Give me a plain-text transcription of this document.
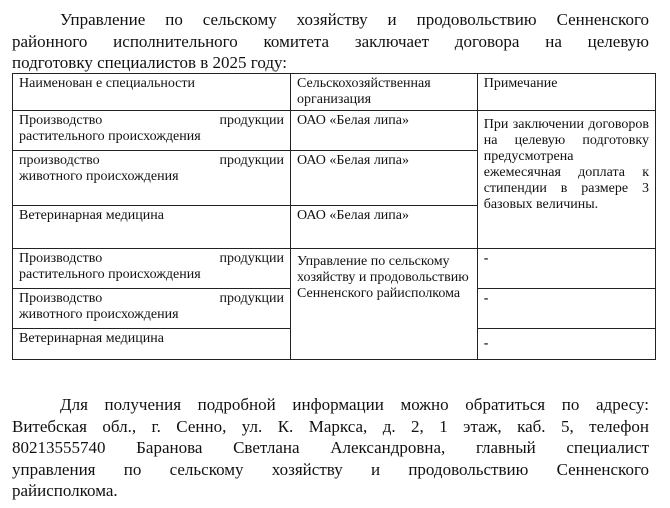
Управление по сельскому хозяйству и продовольствию Сенненского
районного исполнительного комитета заключает договора на целевую
подготовку специалистов в 2025 году:
Наименован е специальности	Сельскохозяйственная организация	Примечание
Производство продукции
растительного происхождения	ОАО «Белая липа»	При заключении договоров на целевую подготовку предусмотрена ежемесячная доплата к стипендии в размере 3 базовых величины.
производство продукции
животного происхождения	ОАО «Белая липа»	
Ветеринарная медицина	ОАО «Белая липа»	
Производство продукции
растительного происхождения	Управление по сельскому хозяйству и продовольствию Сенненского райисполкома	-
Производство продукции
животного происхождения		-
Ветеринарная медицина		-
Для получения подробной информации можно обратиться по адресу:
Витебская обл., г. Сенно, ул. К. Маркса, д. 2, 1 этаж, каб. 5, телефон
80213555740 Баранова Светлана Александровна, главный специалист
управления по сельскому хозяйству и продовольствию Сенненского
райисполкома.
